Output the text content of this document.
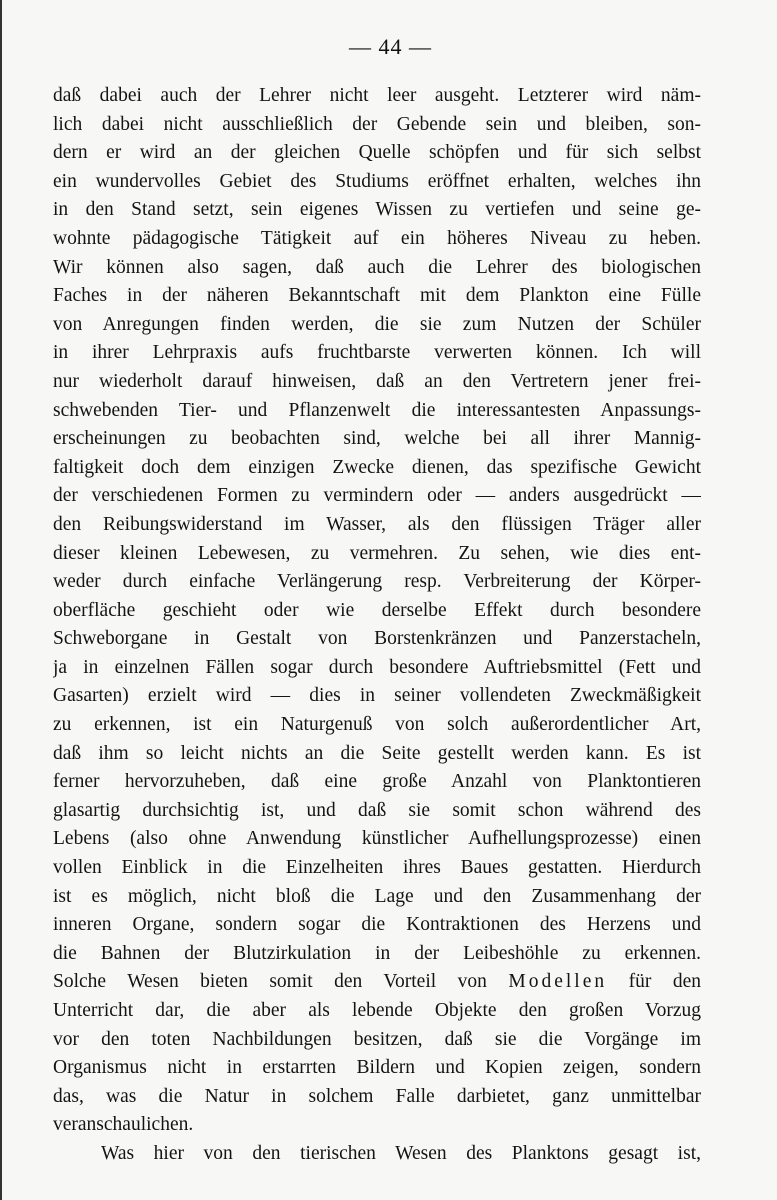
— 44 —
daß dabei auch der Lehrer nicht leer ausgeht. Letzterer wird näm-
lich dabei nicht ausschließlich der Gebende sein und bleiben, son-
dern er wird an der gleichen Quelle schöpfen und für sich selbst
ein wundervolles Gebiet des Studiums eröffnet erhalten, welches ihn
in den Stand setzt, sein eigenes Wissen zu vertiefen und seine ge-
wohnte pädagogische Tätigkeit auf ein höheres Niveau zu heben.
Wir können also sagen, daß auch die Lehrer des biologischen
Faches in der näheren Bekanntschaft mit dem Plankton eine Fülle
von Anregungen finden werden, die sie zum Nutzen der Schüler
in ihrer Lehrpraxis aufs fruchtbarste verwerten können. Ich will
nur wiederholt darauf hinweisen, daß an den Vertretern jener frei-
schwebenden Tier- und Pflanzenwelt die interessantesten Anpassungs-
erscheinungen zu beobachten sind, welche bei all ihrer Mannig-
faltigkeit doch dem einzigen Zwecke dienen, das spezifische Gewicht
der verschiedenen Formen zu vermindern oder — anders ausgedrückt —
den Reibungswiderstand im Wasser, als den flüssigen Träger aller
dieser kleinen Lebewesen, zu vermehren. Zu sehen, wie dies ent-
weder durch einfache Verlängerung resp. Verbreiterung der Körper-
oberfläche geschieht oder wie derselbe Effekt durch besondere
Schweborgane in Gestalt von Borstenkränzen und Panzerstacheln,
ja in einzelnen Fällen sogar durch besondere Auftriebsmittel (Fett und
Gasarten) erzielt wird — dies in seiner vollendeten Zweckmäßigkeit
zu erkennen, ist ein Naturgenuß von solch außerordentlicher Art,
daß ihm so leicht nichts an die Seite gestellt werden kann. Es ist
ferner hervorzuheben, daß eine große Anzahl von Planktontieren
glasartig durchsichtig ist, und daß sie somit schon während des
Lebens (also ohne Anwendung künstlicher Aufhellungsprozesse) einen
vollen Einblick in die Einzelheiten ihres Baues gestatten. Hierdurch
ist es möglich, nicht bloß die Lage und den Zusammenhang der
inneren Organe, sondern sogar die Kontraktionen des Herzens und
die Bahnen der Blutzirkulation in der Leibeshöhle zu erkennen.
Solche Wesen bieten somit den Vorteil von Modellen für den
Unterricht dar, die aber als lebende Objekte den großen Vorzug
vor den toten Nachbildungen besitzen, daß sie die Vorgänge im
Organismus nicht in erstarrten Bildern und Kopien zeigen, sondern
das, was die Natur in solchem Falle darbietet, ganz unmittelbar
veranschaulichen.
Was hier von den tierischen Wesen des Planktons gesagt ist,
